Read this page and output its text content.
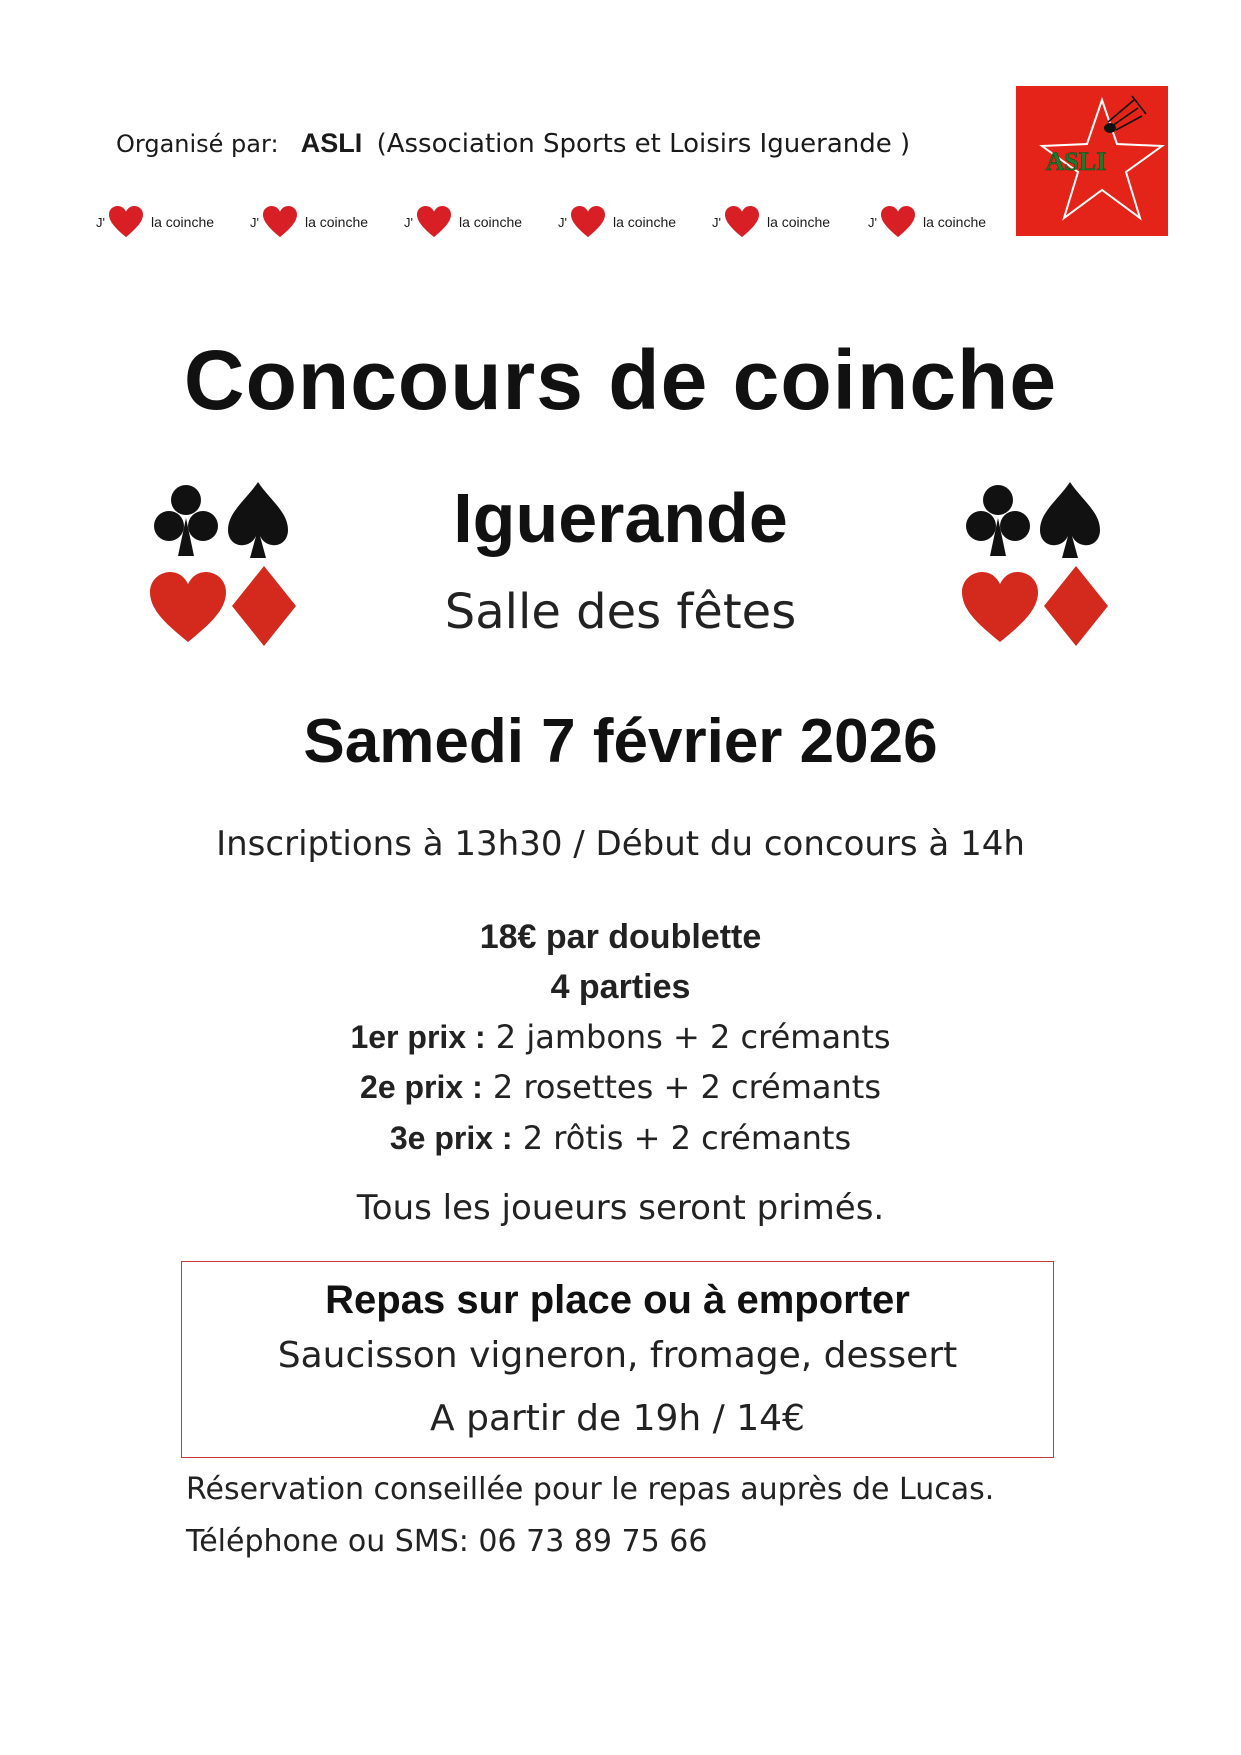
Organisé par: ASLI (Association Sports et Loisirs Iguerande )
J'	la coinche	J'	la coinche	J'	la coinche	J'	la coinche	J'	la coinche	J'	la coinche
ASLI
Concours de coinche
Iguerande
Salle des fêtes
Samedi 7 février 2026
Inscriptions à 13h30 / Début du concours à 14h
18€ par doublette
4 parties
1er prix : 2 jambons + 2 crémants
2e prix : 2 rosettes + 2 crémants
3e prix : 2 rôtis + 2 crémants
Tous les joueurs seront primés.
Repas sur place ou à emporter
Saucisson vigneron, fromage, dessert
A partir de 19h / 14€
Réservation conseillée pour le repas auprès de Lucas.
Téléphone ou SMS: 06 73 89 75 66
